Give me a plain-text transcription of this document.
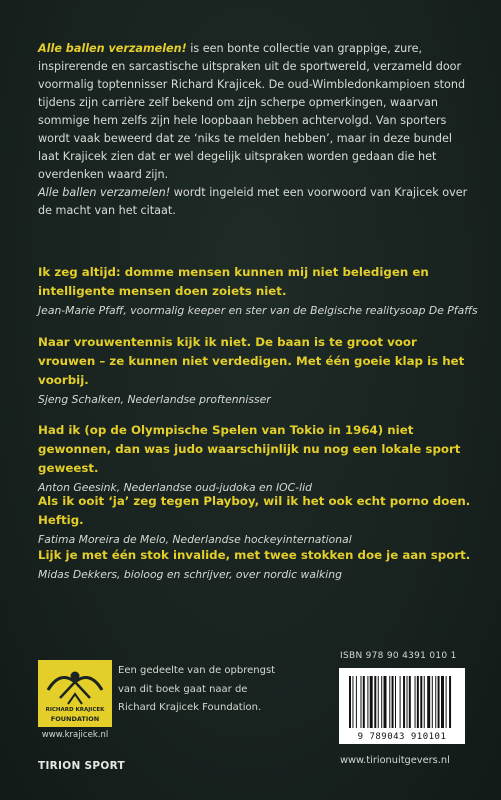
Alle ballen verzamelen! is een bonte collectie van grappige, zure, inspirerende en sarcastische uitspraken uit de sportwereld, verzameld door voormalig toptennisser Richard Krajicek. De oud-Wimbledonkampioen stond tijdens zijn carrière zelf bekend om zijn scherpe opmerkingen, waarvan sommige hem zelfs zijn hele loopbaan hebben achtervolgd. Van sporters wordt vaak beweerd dat ze ‘niks te melden hebben’, maar in deze bundel laat Krajicek zien dat er wel degelijk uitspraken worden gedaan die het overdenken waard zijn.
Alle ballen verzamelen! wordt ingeleid met een voorwoord van Krajicek over de macht van het citaat.
Ik zeg altijd: domme mensen kunnen mij niet beledigen en intelligente mensen doen zoiets niet.
Jean-Marie Pfaff, voormalig keeper en ster van de Belgische realitysoap De Pfaffs
Naar vrouwentennis kijk ik niet. De baan is te groot voor vrouwen – ze kunnen niet verdedigen. Met één goeie klap is het voorbij.
Sjeng Schalken, Nederlandse proftennisser
Had ik (op de Olympische Spelen van Tokio in 1964) niet gewonnen, dan was judo waarschijnlijk nu nog een lokale sport geweest.
Anton Geesink, Nederlandse oud-judoka en IOC-lid
Als ik ooit ‘ja’ zeg tegen Playboy, wil ik het ook echt porno doen. Heftig.
Fatima Moreira de Melo, Nederlandse hockeyinternational
Lijk je met één stok invalide, met twee stokken doe je aan sport.
Midas Dekkers, bioloog en schrijver, over nordic walking
RICHARD KRAJICEK
FOUNDATION
www.krajicek.nl
Een gedeelte van de opbrengst van dit boek gaat naar de Richard Krajicek Foundation.
TIRION SPORT
ISBN 978 90 4391 010 1
9 789043 910101
www.tirionuitgevers.nl
